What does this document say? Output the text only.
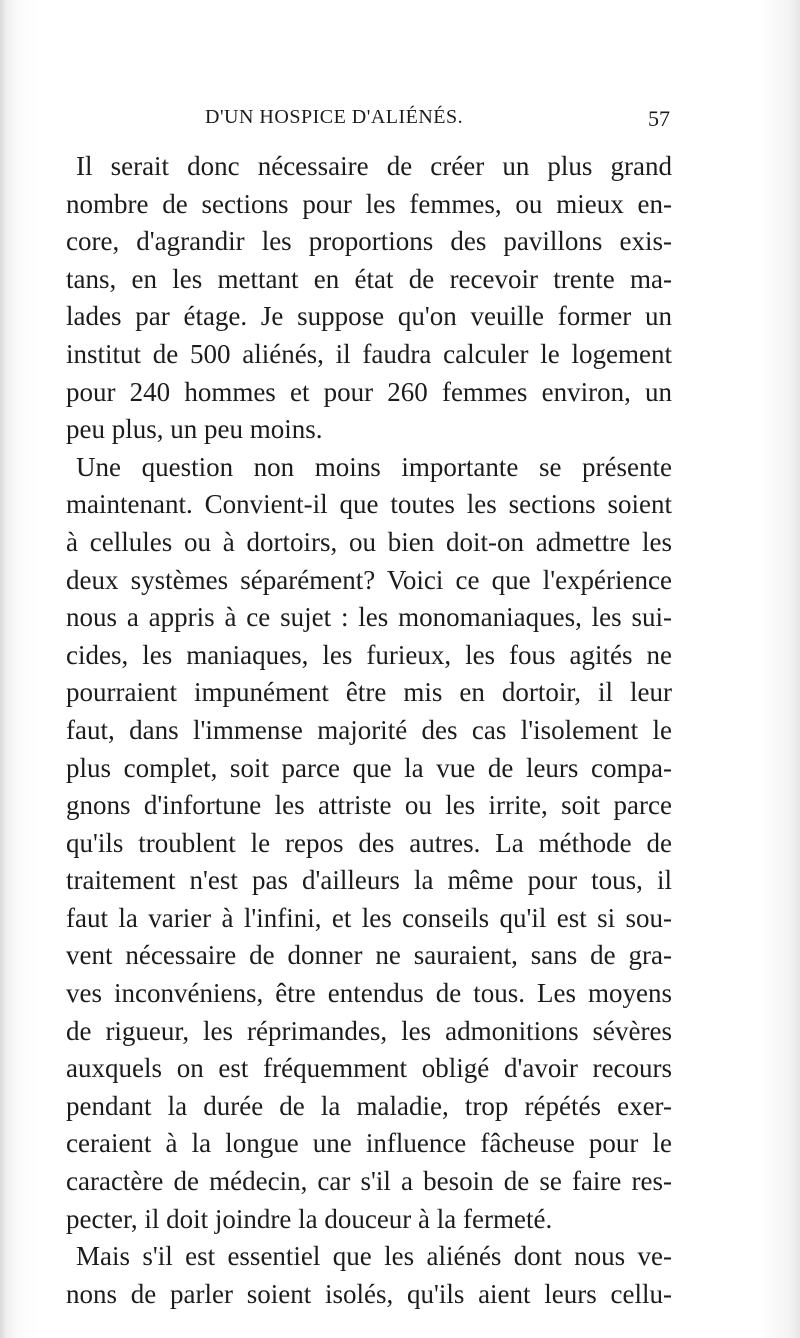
D'UN HOSPICE D'ALIÉNÉS.	57
Il serait donc nécessaire de créer un plus grand
nombre de sections pour les femmes, ou mieux en-
core, d'agrandir les proportions des pavillons exis-
tans, en les mettant en état de recevoir trente ma-
lades par étage. Je suppose qu'on veuille former un
institut de 500 aliénés, il faudra calculer le logement
pour 240 hommes et pour 260 femmes environ, un
peu plus, un peu moins.
Une question non moins importante se présente
maintenant. Convient-il que toutes les sections soient
à cellules ou à dortoirs, ou bien doit-on admettre les
deux systèmes séparément? Voici ce que l'expérience
nous a appris à ce sujet : les monomaniaques, les sui-
cides, les maniaques, les furieux, les fous agités ne
pourraient impunément être mis en dortoir, il leur
faut, dans l'immense majorité des cas l'isolement le
plus complet, soit parce que la vue de leurs compa-
gnons d'infortune les attriste ou les irrite, soit parce
qu'ils troublent le repos des autres. La méthode de
traitement n'est pas d'ailleurs la même pour tous, il
faut la varier à l'infini, et les conseils qu'il est si sou-
vent nécessaire de donner ne sauraient, sans de gra-
ves inconvéniens, être entendus de tous. Les moyens
de rigueur, les réprimandes, les admonitions sévères
auxquels on est fréquemment obligé d'avoir recours
pendant la durée de la maladie, trop répétés exer-
ceraient à la longue une influence fâcheuse pour le
caractère de médecin, car s'il a besoin de se faire res-
pecter, il doit joindre la douceur à la fermeté.
Mais s'il est essentiel que les aliénés dont nous ve-
nons de parler soient isolés, qu'ils aient leurs cellu-
